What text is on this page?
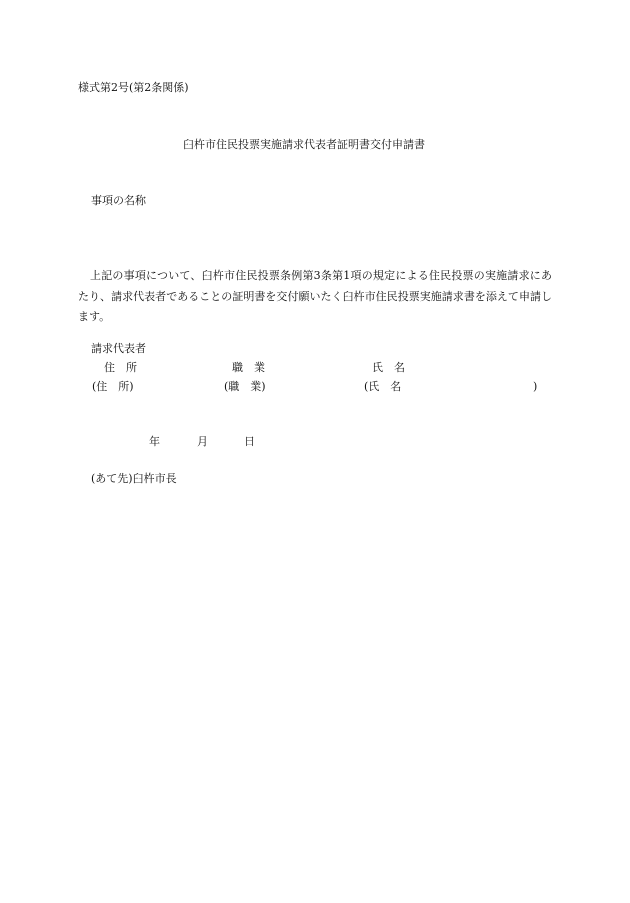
様式第2号(第2条関係)
臼杵市住民投票実施請求代表者証明書交付申請書
事項の名称
上記の事項について、臼杵市住民投票条例第3条第1項の規定による住民投票の実施請求にあたり、請求代表者であることの証明書を交付願いたく臼杵市住民投票実施請求書を添えて申請します。
請求代表者
住　所	職　業	氏　名
(住　所)	(職　業)	(氏　名	)
年	月	日
(あて先)臼杵市長
